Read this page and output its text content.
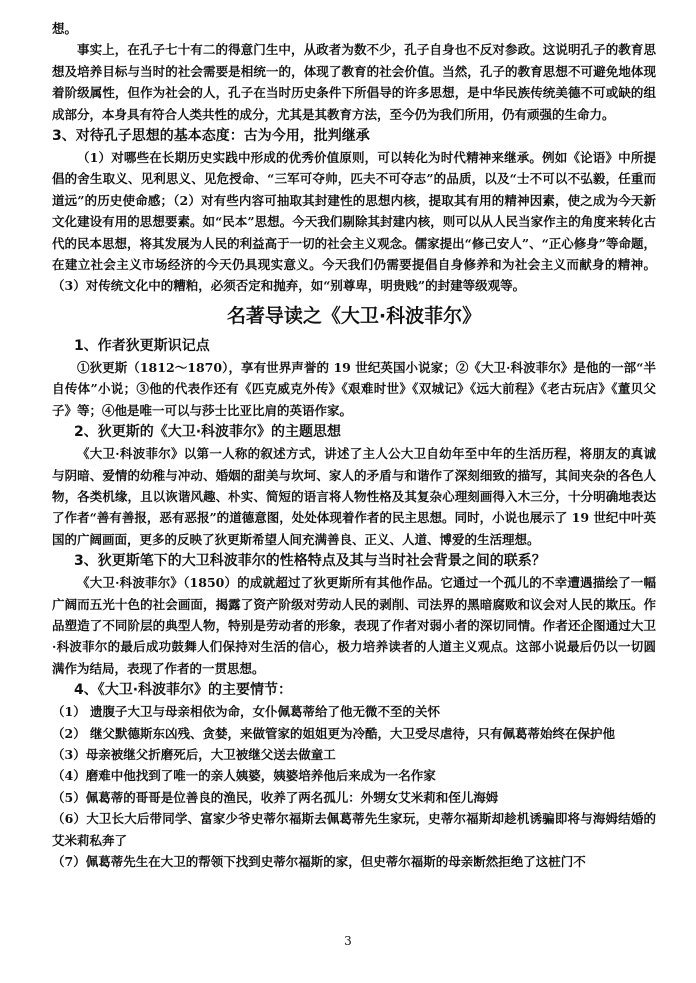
想。

事实上，在孔子七十有二的得意门生中，从政者为数不少，孔子自身也不反对参政。这说明孔子的教育思想及培养目标与当时的社会需要是相统一的，体现了教育的社会价值。当然，孔子的教育思想不可避免地体现着阶级属性，但作为社会的人，孔子在当时历史条件下所倡导的许多思想，是中华民族传统美德不可或缺的组成部分，本身具有符合人类共性的成分，尤其是其教育方法，至今仍为我们所用，仍有顽强的生命力。

3、对待孔子思想的基本态度：古为今用，批判继承

（1）对哪些在长期历史实践中形成的优秀价值原则，可以转化为时代精神来继承。例如《论语》中所提倡的舍生取义、见利思义、见危授命、“三军可夺帅，匹夫不可夺志”的品质，以及“士不可以不弘毅，任重而道远”的历史使命感；（2）对有些内容可抽取其封建性的思想内核，提取其有用的精神因素，使之成为今天新文化建设有用的思想要素。如“民本”思想。今天我们剔除其封建内核，则可以从人民当家作主的角度来转化古代的民本思想，将其发展为人民的利益高于一切的社会主义观念。儒家提出“修己安人”、“正心修身”等命题，在建立社会主义市场经济的今天仍具现实意义。今天我们仍需要提倡自身修养和为社会主义而献身的精神。（3）对传统文化中的糟粕，必须否定和抛弃，如“别尊卑，明贵贱”的封建等级观等。

名著导读之《大卫·科波菲尔》
1、作者狄更斯识记点

①狄更斯（1812～1870），享有世界声誉的 19 世纪英国小说家；②《大卫·科波菲尔》是他的一部“半自传体”小说；③他的代表作还有《匹克威克外传》《艰难时世》《双城记》《远大前程》《老古玩店》《董贝父子》等；④他是唯一可以与莎士比亚比肩的英语作家。

2、狄更斯的《大卫·科波菲尔》的主题思想

《大卫·科波菲尔》以第一人称的叙述方式，讲述了主人公大卫自幼年至中年的生活历程，将朋友的真诚与阴暗、爱情的幼稚与冲动、婚姻的甜美与坎坷、家人的矛盾与和谐作了深刻细致的描写，其间夹杂的各色人物，各类机缘，且以诙谐风趣、朴实、简短的语言将人物性格及其复杂心理刻画得入木三分，十分明确地表达了作者“善有善报，恶有恶报”的道德意图，处处体现着作者的民主思想。同时，小说也展示了 19 世纪中叶英国的广阔画面，更多的反映了狄更斯希望人间充满善良、正义、人道、博爱的生活理想。

3、狄更斯笔下的大卫科波菲尔的性格特点及其与当时社会背景之间的联系？

《大卫·科波菲尔》（1850）的成就超过了狄更斯所有其他作品。它通过一个孤儿的不幸遭遇描绘了一幅广阔而五光十色的社会画面，揭露了资产阶级对劳动人民的剥削、司法界的黑暗腐败和议会对人民的欺压。作品塑造了不同阶层的典型人物，特别是劳动者的形象，表现了作者对弱小者的深切同情。作者还企图通过大卫·科波菲尔的最后成功鼓舞人们保持对生活的信心，极力培养读者的人道主义观点。这部小说最后仍以一切圆满作为结局，表现了作者的一贯思想。

4、《大卫·科波菲尔》的主要情节：

（1） 遗腹子大卫与母亲相依为命，女仆佩葛蒂给了他无微不至的关怀

（2） 继父默德斯东凶残、贪婪，来做管家的姐姐更为冷酷，大卫受尽虐待，只有佩葛蒂始终在保护他

（3）母亲被继父折磨死后，大卫被继父送去做童工

（4）磨难中他找到了唯一的亲人姨婆，姨婆培养他后来成为一名作家

（5）佩葛蒂的哥哥是位善良的渔民，收养了两名孤儿：外甥女艾米莉和侄儿海姆

（6）大卫长大后带同学、富家少爷史蒂尔福斯去佩葛蒂先生家玩，史蒂尔福斯却趁机诱骗即将与海姆结婚的艾米莉私奔了

（7）佩葛蒂先生在大卫的帮领下找到史蒂尔福斯的家，但史蒂尔福斯的母亲断然拒绝了这桩门不

3
